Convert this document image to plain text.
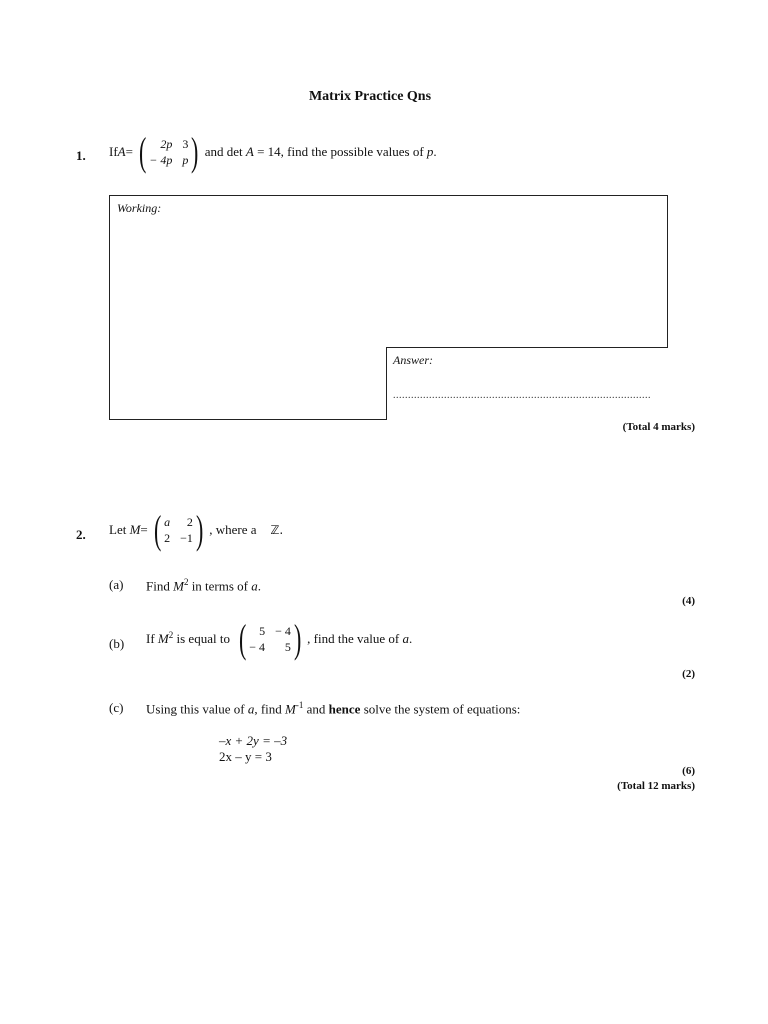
Matrix Practice Qns
1. If A = (	2p 3
− 4p p ) and det
A = 14, find the possible values of p .
Working:
Answer:
......................................................................................
(Total 4 marks)
2. Let M = ( a	2
2 −1 ) , where a ℤ.
(a) Find $M^2$ in terms of a.
(4)
(b) If $M^2$ is equal to (	5 − 4
− 4	5 ) , find the value of a .
(2)
(c) Using this value of a, find $M^{-1}$ and hence solve the system of equations:
–x + 2y = –3
2x – y = 3
(6)
(Total 12 marks)
